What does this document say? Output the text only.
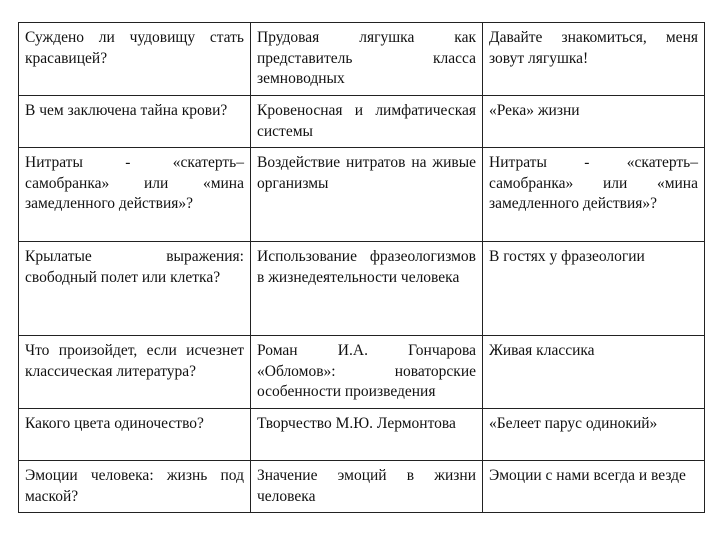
Суждено ли чудовищу стать красавицей?	Прудовая лягушка как представитель класса земноводных	Давайте знакомиться, меня зовут лягушка!
В чем заключена тайна крови?	Кровеносная и лимфатическая системы	«Река» жизни
Нитраты - «скатерть– самобранка» или «мина замедленного действия»?	Воздействие нитратов на живые организмы	Нитраты - «скатерть– самобранка» или «мина замедленного действия»?
Крылатые выражения: свободный полет или клетка?	Использование фразеологизмов в жизнедеятельности человека	В гостях у фразеологии
Что произойдет, если исчезнет классическая литература?	Роман И.А. Гончарова «Обломов»: новаторские особенности произведения	Живая классика
Какого цвета одиночество?	Творчество М.Ю. Лермонтова	«Белеет парус одинокий»
Эмоции человека: жизнь под маской?	Значение эмоций в жизни человека	Эмоции с нами всегда и везде
